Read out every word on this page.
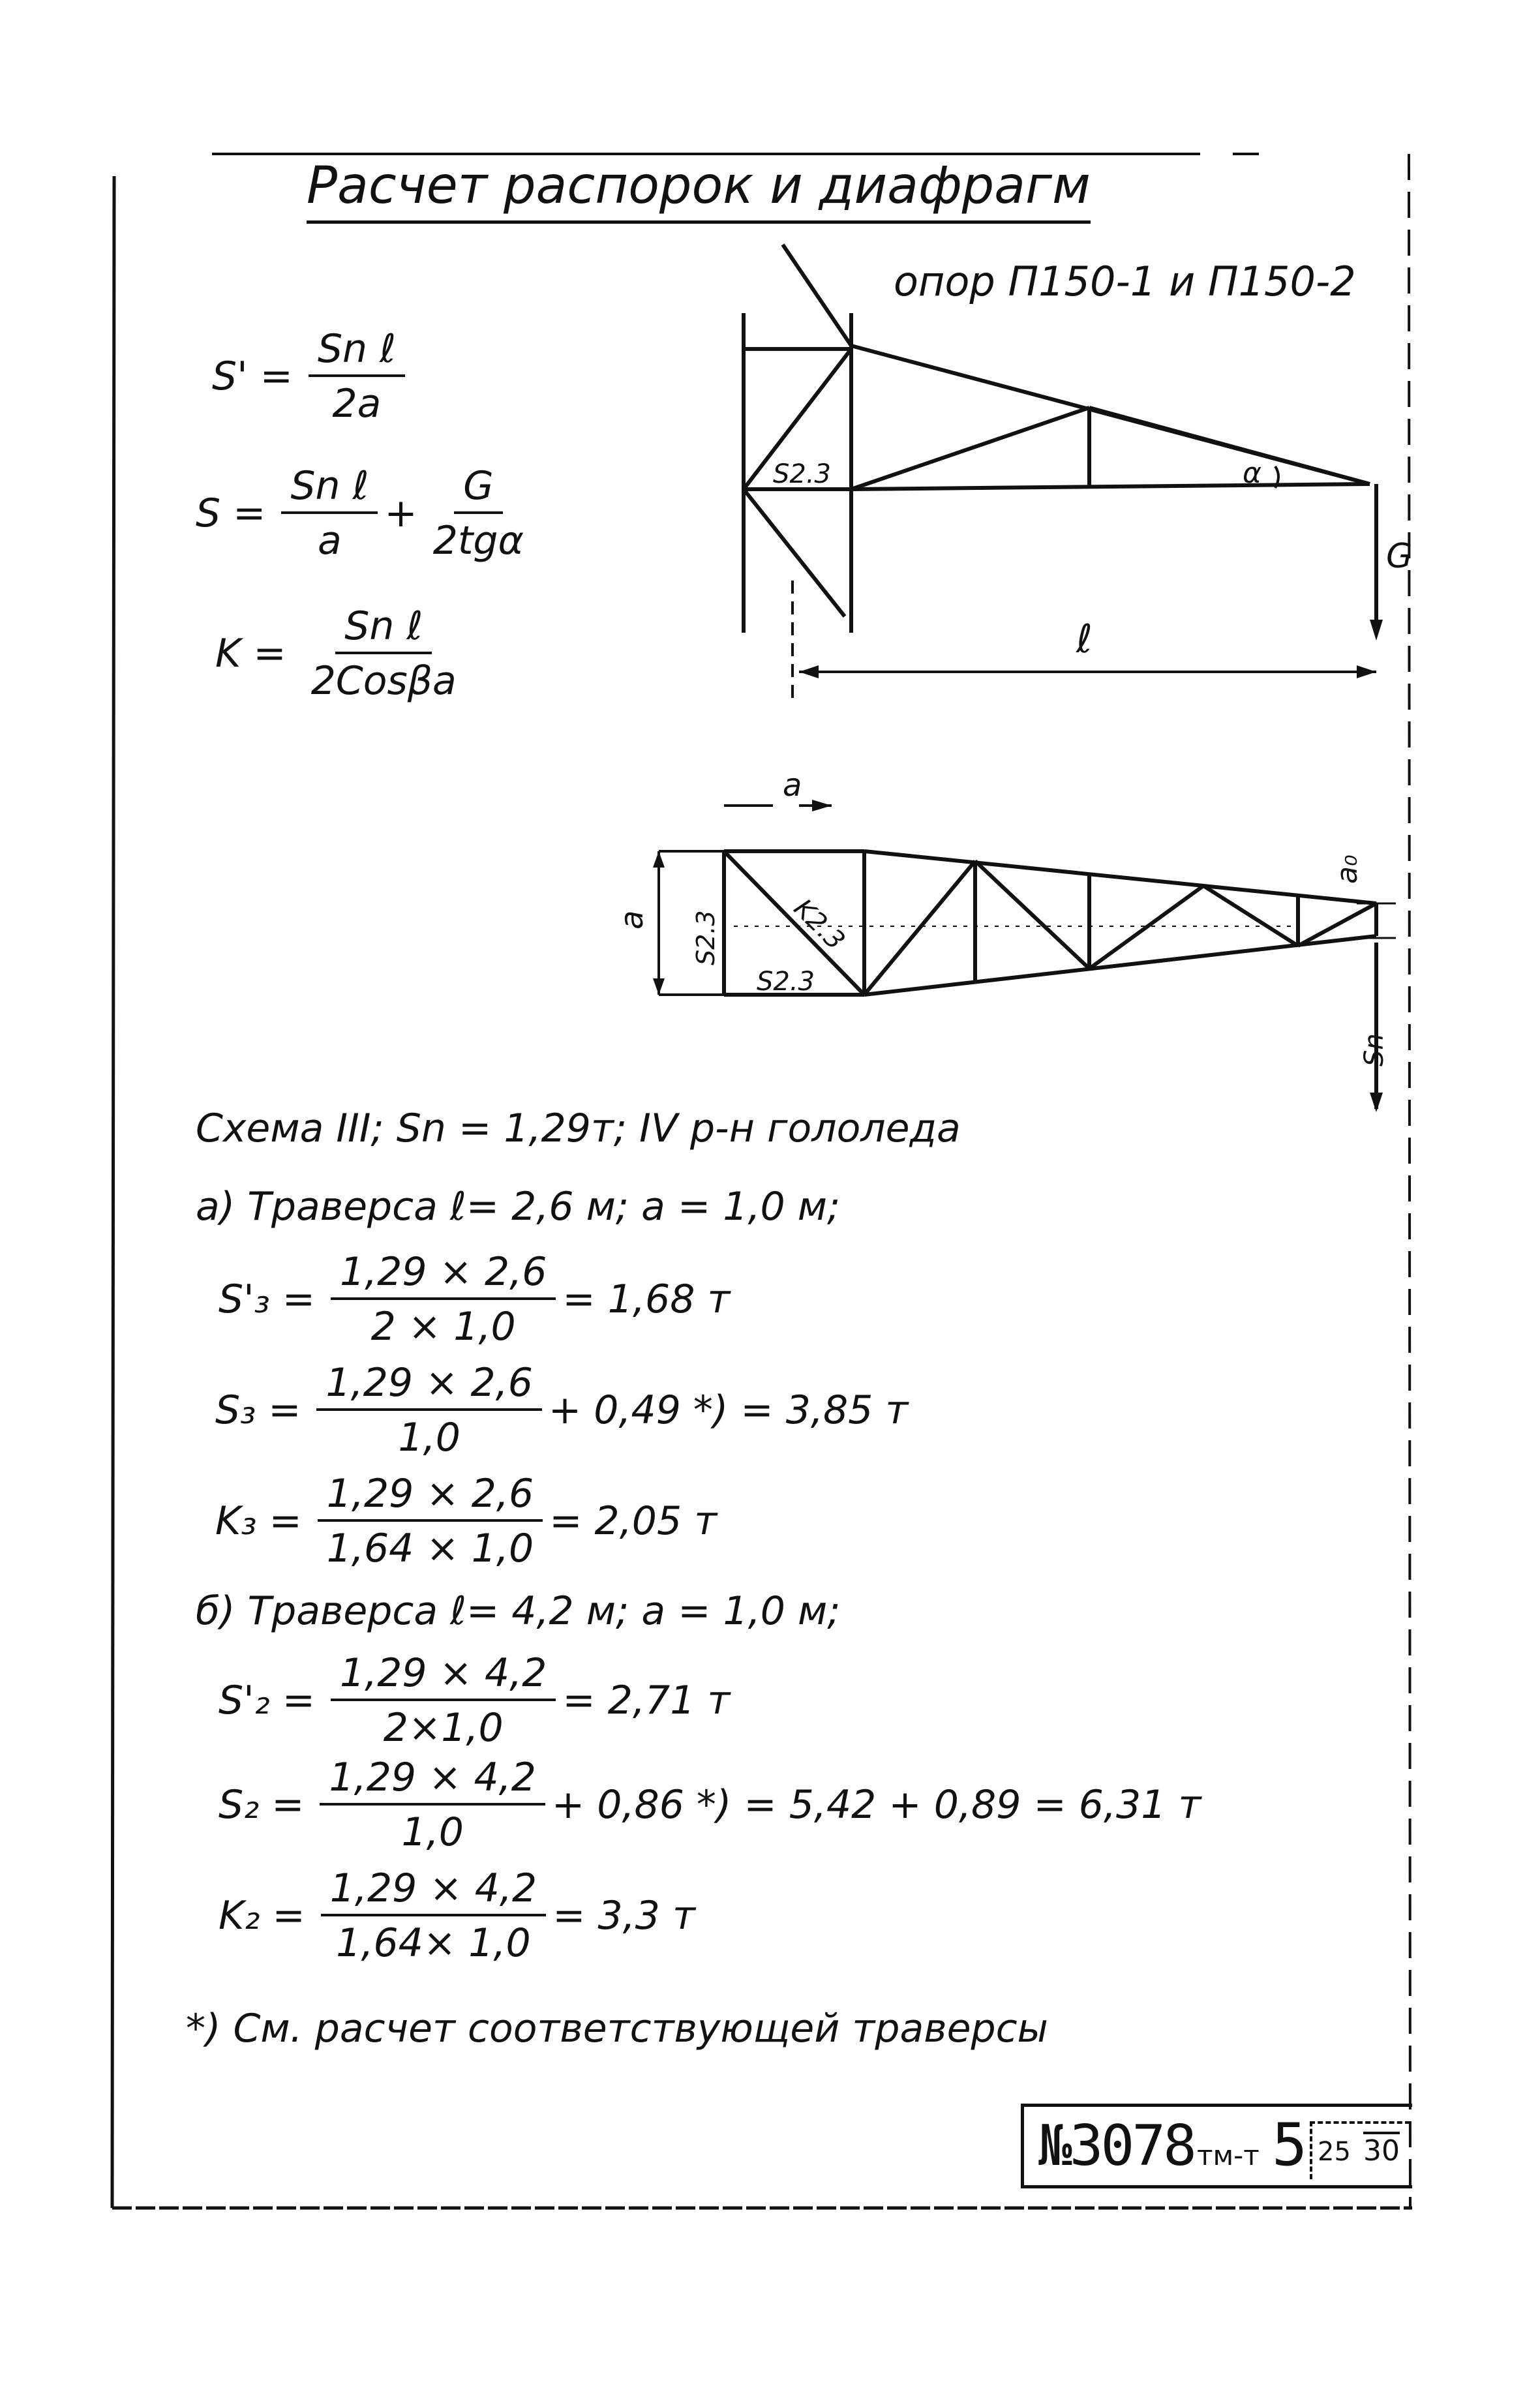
Расчет распорок и диафрагм
опор П150-1 и П150-2
$S' = \frac{\text{Sn ℓ}}{2a}$
$S = \frac{\text{Sn ℓ}}{a} + \frac{G}{\text{2tgα}}$
$K = \frac{\text{Sn ℓ}}{\text{2Cosβa}}$
S2.3	α
G
ℓ
a
a S2.3	K2.3
S2.3
a₀
Sn
Схема III; Sn = 1,29т; IV р-н гололеда
а) Траверса ℓ= 2,6 м; a = 1,0 м;
$S'_3 = \frac{1,29 \times 2,6}{2 \times 1,0} = 1,68$ т
$S_3 = \frac{1,29 \times 2,6}{1,0} + 0,49$ *) = 3,85 т
$K_3 = \frac{1,29 \times 2,6}{1,64 \times 1,0} = 2,05$ т
б) Траверса ℓ= 4,2 м; a = 1,0 м;
$S'_2 = \frac{1,29 \times 4,2}{2\times 1,0} = 2,71$ т
$S_2 = \frac{1,29 \times 4,2}{1,0} + 0,86$ *) = 5,42 + 0,89 = 6,31 т
$K_2 = \frac{1,29 \times 4,2}{1,64\times 1,0} = 3,3$ т
*) См. расчет соответствующей траверсы
№3078 тм-т 5 25 30
